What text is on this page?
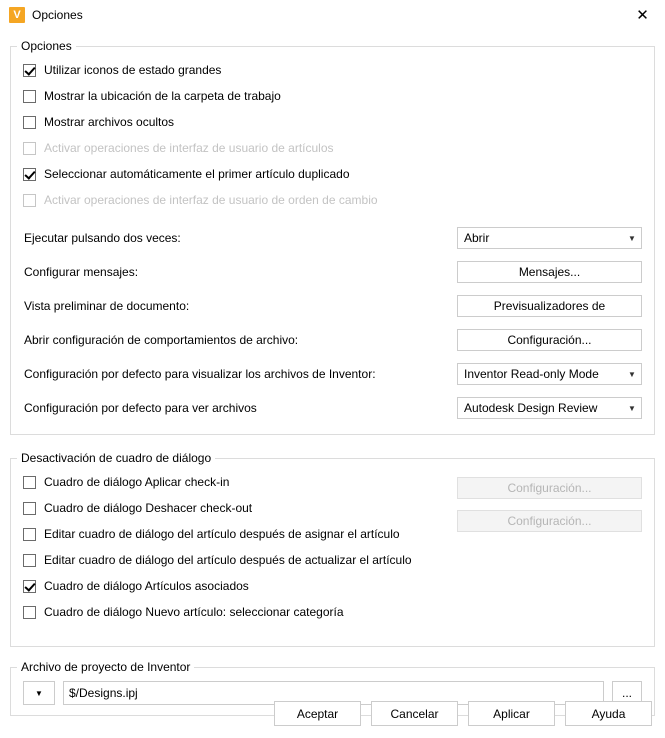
V Opciones	✕
Opciones
Utilizar iconos de estado grandes
Mostrar la ubicación de la carpeta de trabajo
Mostrar archivos ocultos
Activar operaciones de interfaz de usuario de artículos
Seleccionar automáticamente el primer artículo duplicado
Activar operaciones de interfaz de usuario de orden de cambio
Ejecutar pulsando dos veces:	Abrir	▼
Configurar mensajes:	Mensajes...
Vista preliminar de documento:	Previsualizadores de
Abrir configuración de comportamientos de archivo:	Configuración...
Configuración por defecto para visualizar los archivos de Inventor:	Inventor Read-only Mode	▼
Configuración por defecto para ver archivos	Autodesk Design Review	▼
Desactivación de cuadro de diálogo
Cuadro de diálogo Aplicar check-in
Cuadro de diálogo Deshacer check-out
Editar cuadro de diálogo del artículo después de asignar el artículo
Editar cuadro de diálogo del artículo después de actualizar el artículo
Cuadro de diálogo Artículos asociados
Cuadro de diálogo Nuevo artículo: seleccionar categoría
Configuración...
Configuración...
Archivo de proyecto de Inventor
▼
$/Designs.ipj	...
Aceptar	Cancelar	Aplicar	Ayuda
